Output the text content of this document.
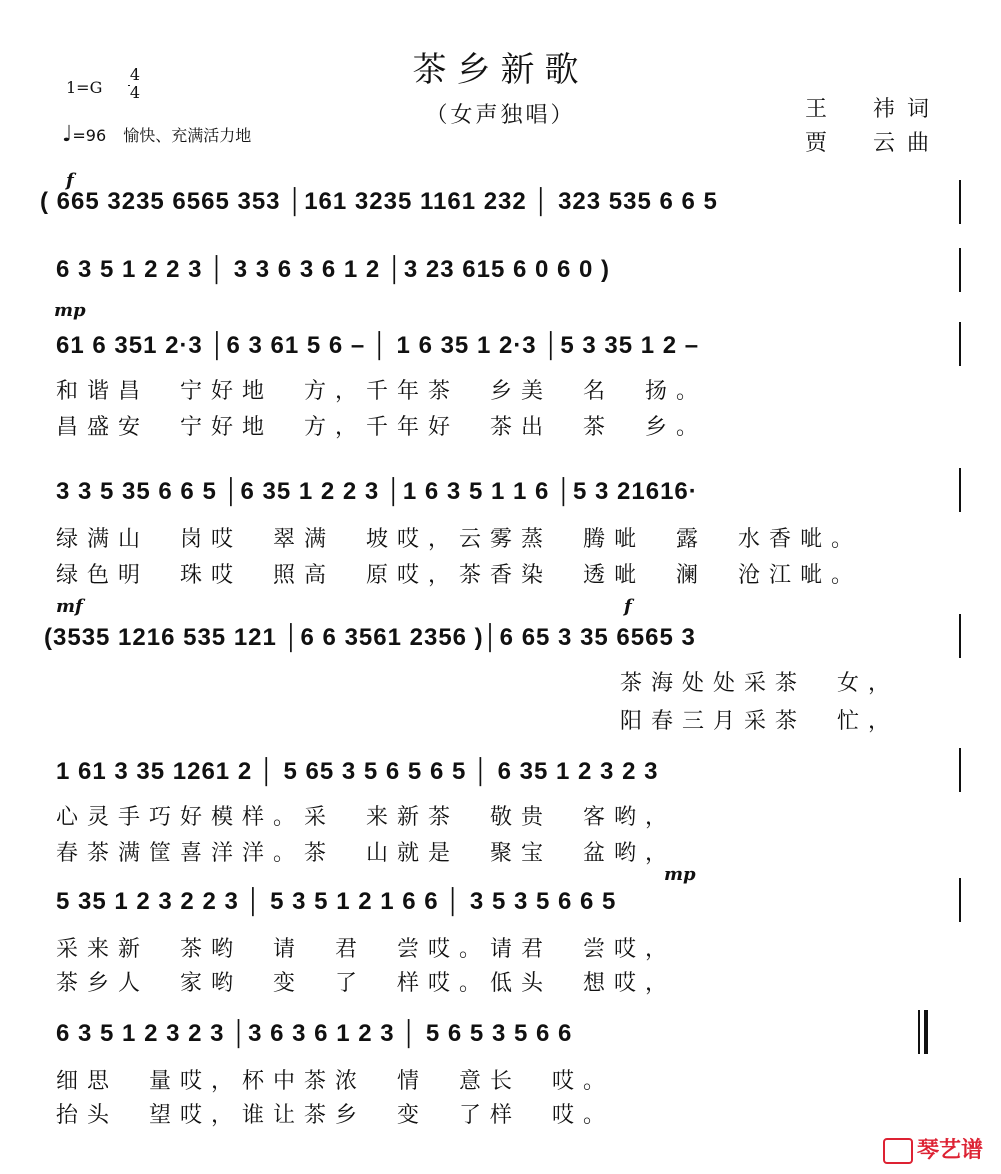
茶乡新歌
（女声独唱）
1=G
4
4
♩=96 愉快、充满活力地
王　祎词
贾　云曲
f
( 665 3235 6565 353 │161 3235 1161 232 │ 323 535 6 6 5
6 3 5 1 2 2 3 │ 3 3 6 3 6 1 2 │3 23 615 6 0 6 0 )
mp
61 6 351 2·3 │6 3 61 5 6 – │ 1 6 35 1 2·3 │5 3 35 1 2 –
和谐昌　宁好地　方，千年茶　乡美　名　扬。
昌盛安　宁好地　方，千年好　茶出　茶　乡。
3 3 5 35 6 6 5 │6 35 1 2 2 3 │1 6 3 5 1 1 6 │5 3 21616·
绿满山　岗哎　翠满　坡哎，云雾蒸　腾呲　露　水香呲。
绿色明　珠哎　照高　原哎，茶香染　透呲　澜　沧江呲。
mf	f
(3535 1216 535 121 │6 6 3561 2356 )│6 65 3 35 6565 3
茶海处处采茶　女，
阳春三月采茶　忙，
1 61 3 35 1261 2 │ 5 65 3 5 6 5 6 5 │ 6 35 1 2 3 2 3
心灵手巧好模样。采　来新茶　敬贵　客哟，
春茶满筐喜洋洋。茶　山就是　聚宝　盆哟，
mp
5 35 1 2 3 2 2 3 │ 5 3 5 1 2 1 6 6 │ 3 5 3 5 6 6 5
采来新　茶哟　请　君　尝哎。请君　尝哎，
茶乡人　家哟　变　了　样哎。低头　想哎，
6 3 5 1 2 3 2 3 │3 6 3 6 1 2 3 │ 5 6 5 3 5 6 6
细思　量哎，杯中茶浓　情　意长　哎。
抬头　望哎，谁让茶乡　变　了样　哎。
琴艺谱
